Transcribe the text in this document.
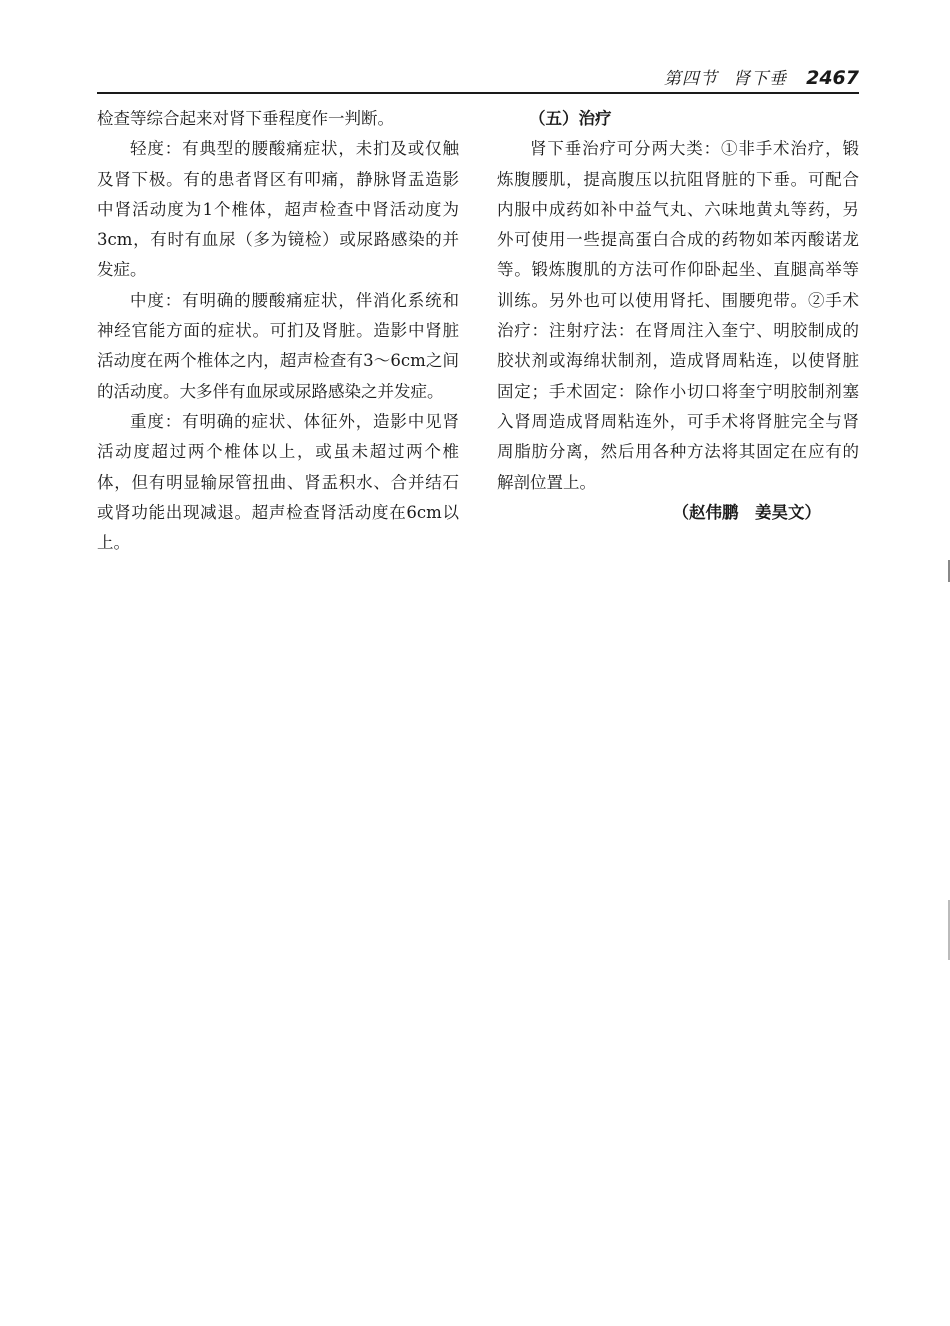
第四节 肾下垂 2467

检查等综合起来对肾下垂程度作一判断。

轻度：有典型的腰酸痛症状，未扪及或仅触及肾下极。有的患者肾区有叩痛，静脉肾盂造影中肾活动度为1个椎体，超声检查中肾活动度为3cm，有时有血尿（多为镜检）或尿路感染的并发症。

中度：有明确的腰酸痛症状，伴消化系统和神经官能方面的症状。可扪及肾脏。造影中肾脏活动度在两个椎体之内，超声检查有3～6cm之间的活动度。大多伴有血尿或尿路感染之并发症。

重度：有明确的症状、体征外，造影中见肾活动度超过两个椎体以上，或虽未超过两个椎体，但有明显输尿管扭曲、肾盂积水、合并结石或肾功能出现减退。超声检查肾活动度在6cm以上。

（五）治疗

肾下垂治疗可分两大类：①非手术治疗，锻炼腹腰肌，提高腹压以抗阻肾脏的下垂。可配合内服中成药如补中益气丸、六味地黄丸等药，另外可使用一些提高蛋白合成的药物如苯丙酸诺龙等。锻炼腹肌的方法可作仰卧起坐、直腿高举等训练。另外也可以使用肾托、围腰兜带。②手术治疗：注射疗法：在肾周注入奎宁、明胶制成的胶状剂或海绵状制剂，造成肾周粘连，以使肾脏固定；手术固定：除作小切口将奎宁明胶制剂塞入肾周造成肾周粘连外，可手术将肾脏完全与肾周脂肪分离，然后用各种方法将其固定在应有的解剖位置上。

（赵伟鹏　姜昊文）
